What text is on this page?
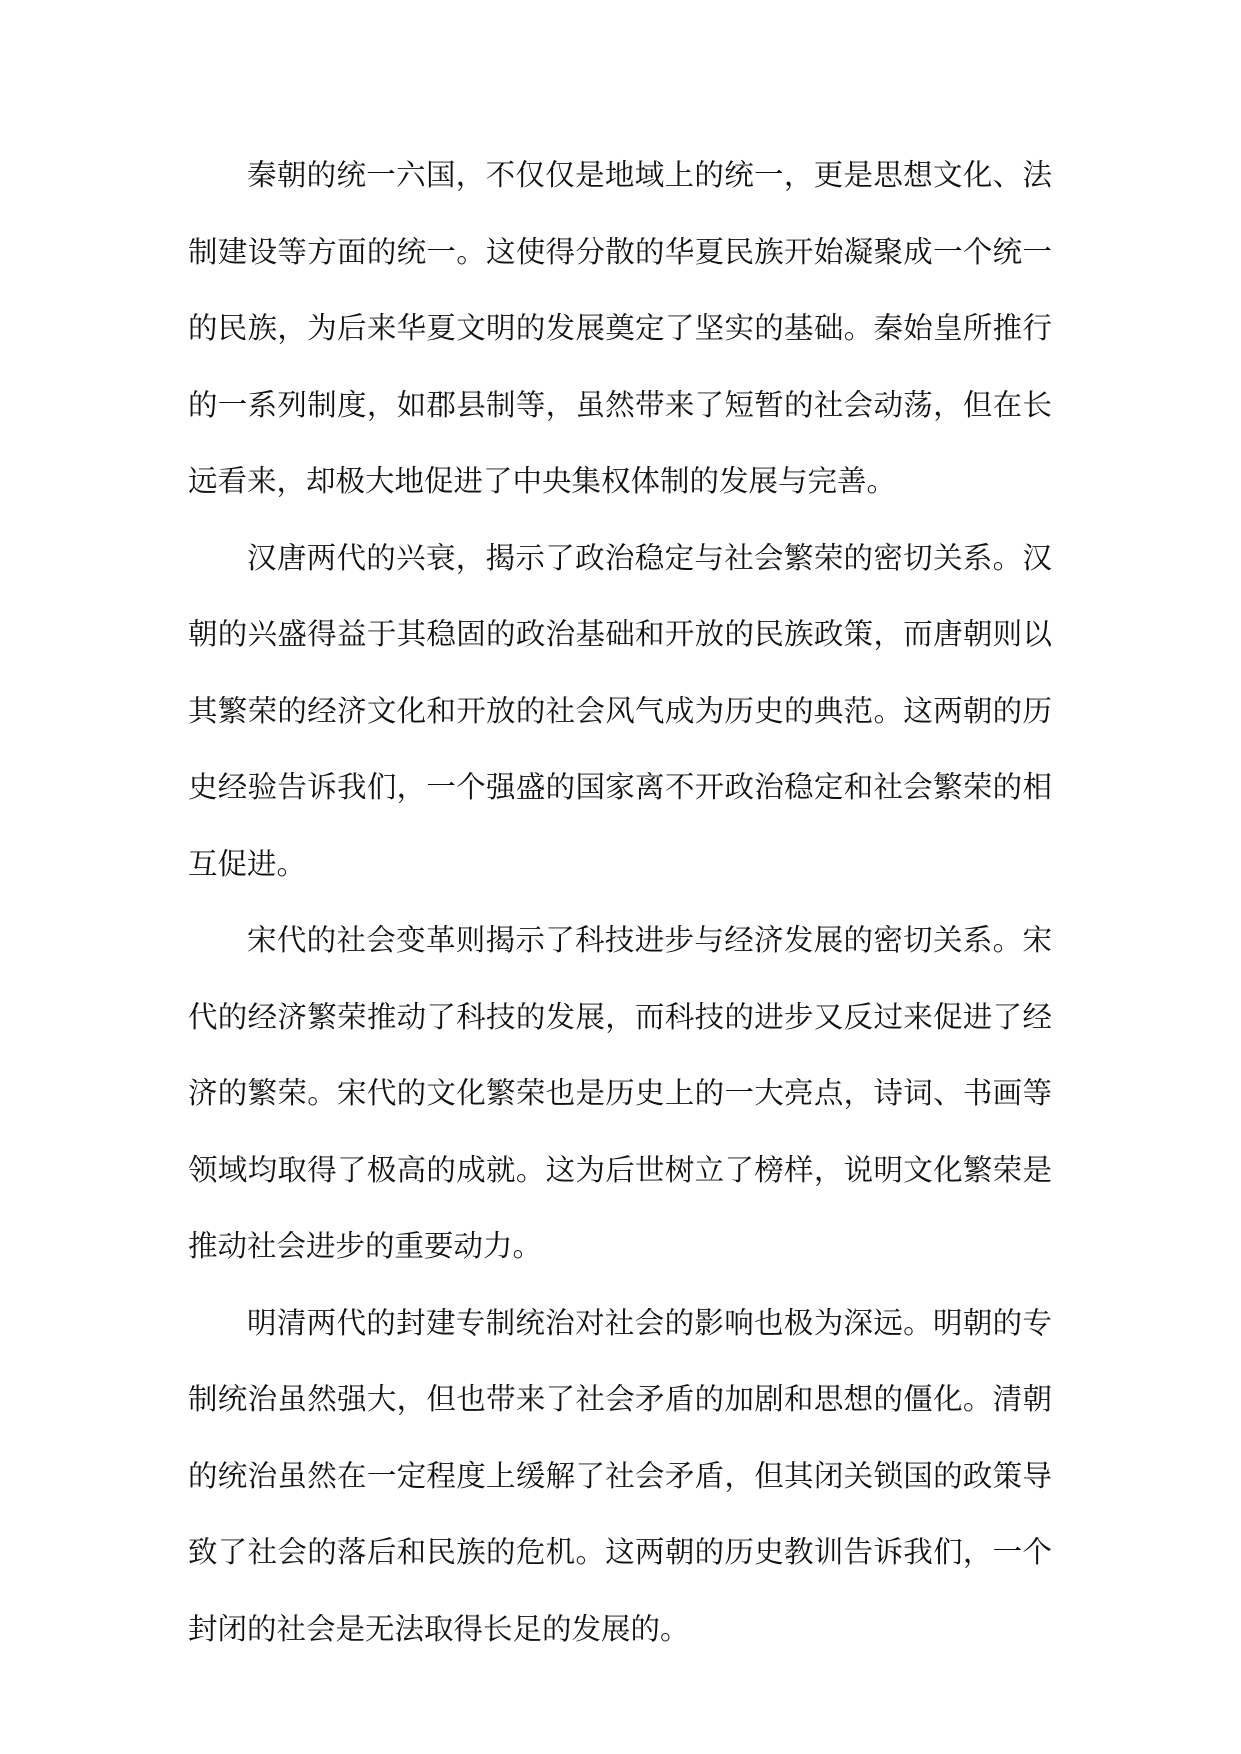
秦朝的统一六国，不仅仅是地域上的统一，更是思想文化、法制建设等方面的统一。这使得分散的华夏民族开始凝聚成一个统一的民族，为后来华夏文明的发展奠定了坚实的基础。秦始皇所推行的一系列制度，如郡县制等，虽然带来了短暂的社会动荡，但在长远看来，却极大地促进了中央集权体制的发展与完善。

汉唐两代的兴衰，揭示了政治稳定与社会繁荣的密切关系。汉朝的兴盛得益于其稳固的政治基础和开放的民族政策，而唐朝则以其繁荣的经济文化和开放的社会风气成为历史的典范。这两朝的历史经验告诉我们，一个强盛的国家离不开政治稳定和社会繁荣的相互促进。

宋代的社会变革则揭示了科技进步与经济发展的密切关系。宋代的经济繁荣推动了科技的发展，而科技的进步又反过来促进了经济的繁荣。宋代的文化繁荣也是历史上的一大亮点，诗词、书画等领域均取得了极高的成就。这为后世树立了榜样，说明文化繁荣是推动社会进步的重要动力。

明清两代的封建专制统治对社会的影响也极为深远。明朝的专制统治虽然强大，但也带来了社会矛盾的加剧和思想的僵化。清朝的统治虽然在一定程度上缓解了社会矛盾，但其闭关锁国的政策导致了社会的落后和民族的危机。这两朝的历史教训告诉我们，一个封闭的社会是无法取得长足的发展的。
